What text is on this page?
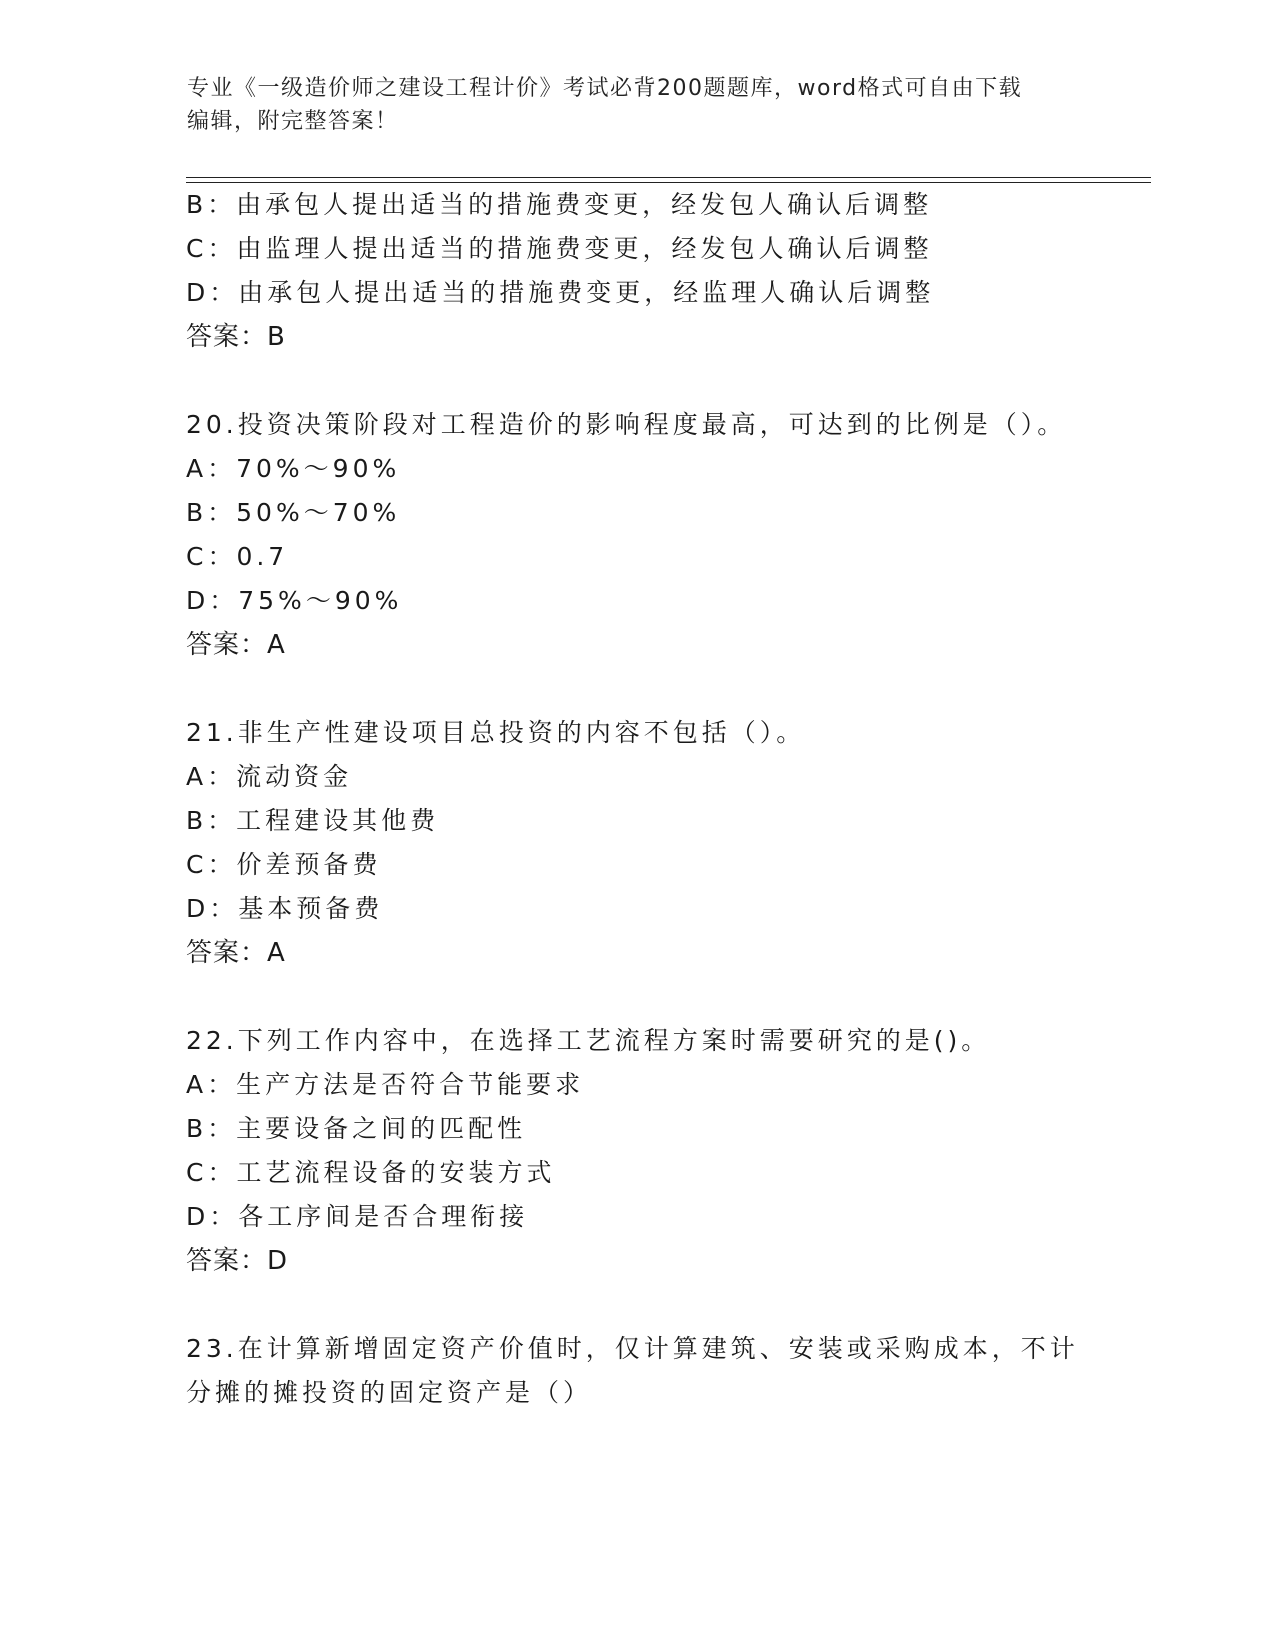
专业《一级造价师之建设工程计价》考试必背200题题库，word格式可自由下载
编辑，附完整答案！
B：由承包人提出适当的措施费变更，经发包人确认后调整
C：由监理人提出适当的措施费变更，经发包人确认后调整
D：由承包人提出适当的措施费变更，经监理人确认后调整
答案：B
20.投资决策阶段对工程造价的影响程度最高，可达到的比例是（）。
A：70%～90%
B：50%～70%
C：0.7
D：75%～90%
答案：A
21.非生产性建设项目总投资的内容不包括（）。
A：流动资金
B：工程建设其他费
C：价差预备费
D：基本预备费
答案：A
22.下列工作内容中，在选择工艺流程方案时需要研究的是()。
A：生产方法是否符合节能要求
B：主要设备之间的匹配性
C：工艺流程设备的安装方式
D：各工序间是否合理衔接
答案：D
23.在计算新增固定资产价值时，仅计算建筑、安装或采购成本，不计
分摊的摊投资的固定资产是（）
